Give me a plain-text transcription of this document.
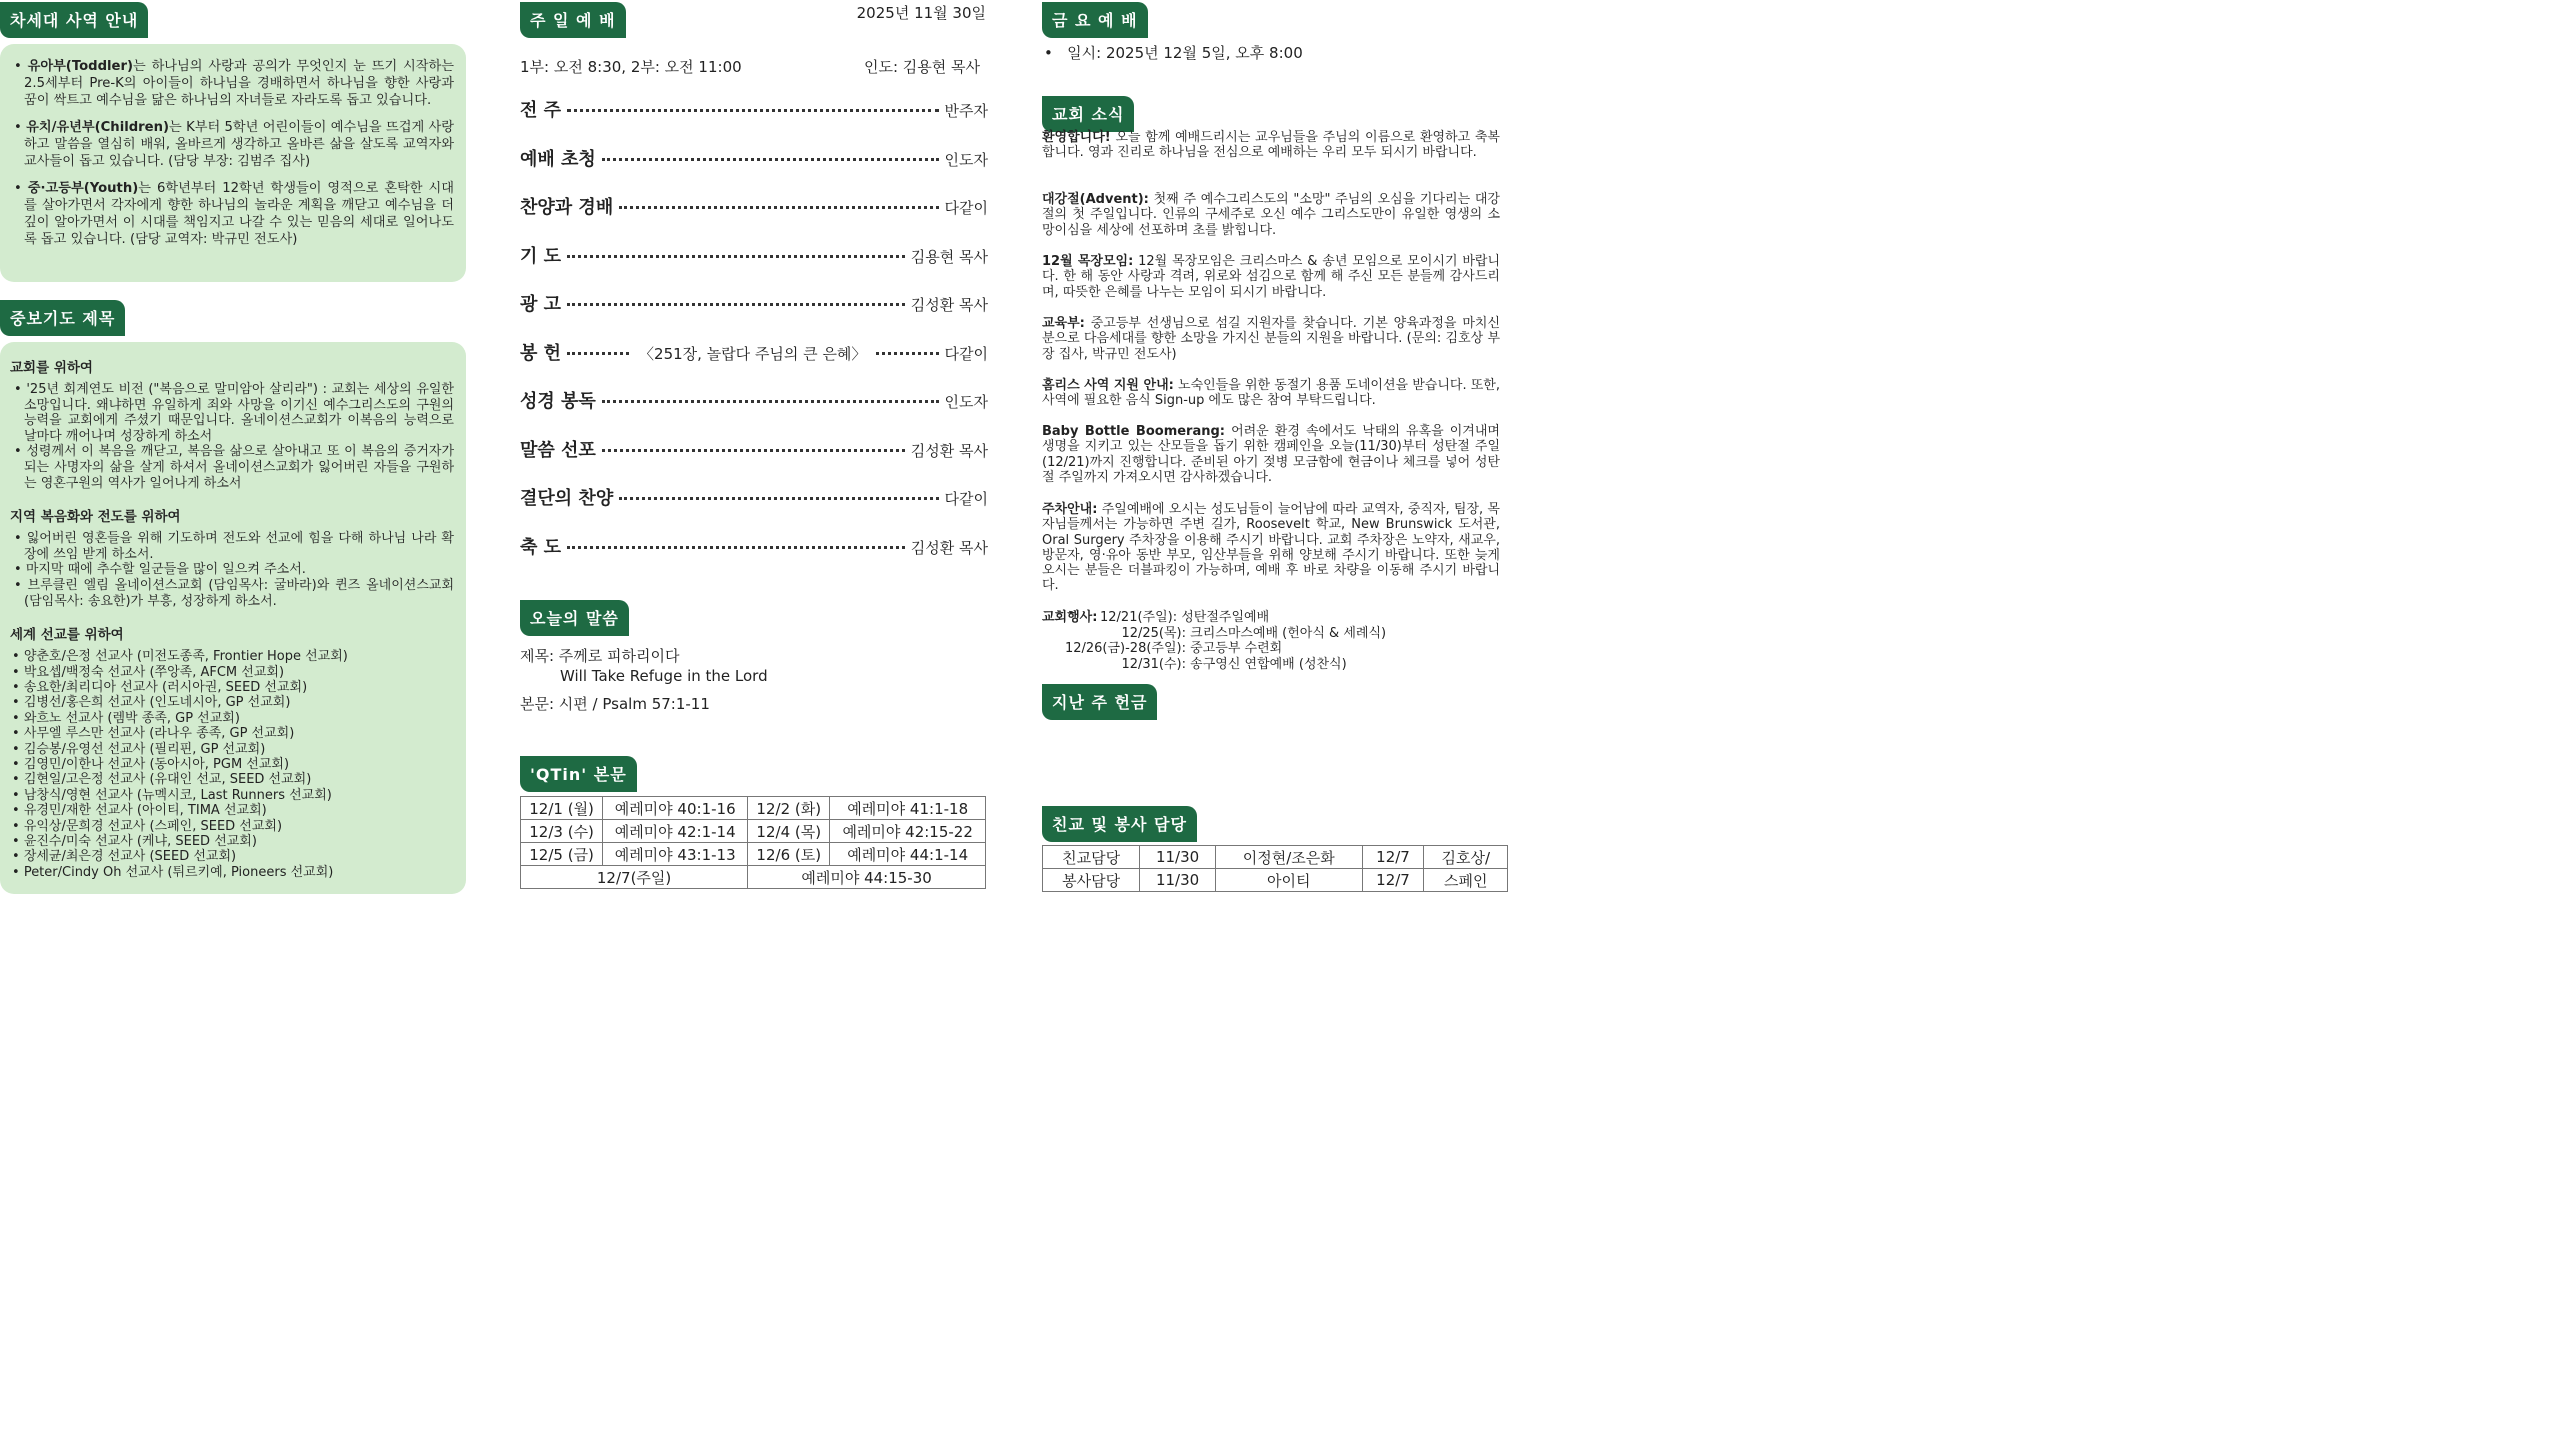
차세대 사역 안내
• 유아부(Toddler)는 하나님의 사랑과 공의가 무엇인지 눈 뜨기 시작하는 2.5세부터 Pre-K의 아이들이 하나님을 경배하면서 하나님을 향한 사랑과 꿈이 싹트고 예수님을 닮은 하나님의 자녀들로 자라도록 돕고 있습니다.
• 유치/유년부(Children)는 K부터 5학년 어린이들이 예수님을 뜨겁게 사랑하고 말씀을 열심히 배워, 올바르게 생각하고 올바른 삶을 살도록 교역자와 교사들이 돕고 있습니다. (담당 부장: 김범주 집사)
• 중·고등부(Youth)는 6학년부터 12학년 학생들이 영적으로 혼탁한 시대를 살아가면서 각자에게 향한 하나님의 놀라운 계획을 깨닫고 예수님을 더 깊이 알아가면서 이 시대를 책임지고 나갈 수 있는 믿음의 세대로 일어나도록 돕고 있습니다. (담당 교역자: 박규민 전도사)
중보기도 제목
교회를 위하여
• '25년 회계연도 비전 ("복음으로 말미암아 살리라") : 교회는 세상의 유일한 소망입니다. 왜냐하면 유일하게 죄와 사망을 이기신 예수그리스도의 구원의 능력을 교회에게 주셨기 때문입니다. 올네이션스교회가 이복음의 능력으로 날마다 깨어나며 성장하게 하소서
• 성령께서 이 복음을 깨닫고, 복음을 삶으로 살아내고 또 이 복음의 증거자가 되는 사명자의 삶을 살게 하셔서 올네이션스교회가 잃어버린 자들을 구원하는 영혼구원의 역사가 일어나게 하소서
지역 복음화와 전도를 위하여
• 잃어버린 영혼들을 위해 기도하며 전도와 선교에 힘을 다해 하나님 나라 확장에 쓰임 받게 하소서.
• 마지막 때에 추수할 일군들을 많이 일으켜 주소서.
• 브루클린 엘림 올네이션스교회 (담임목사: 굴바라)와 퀸즈 올네이션스교회 (담임목사: 송요한)가 부흥, 성장하게 하소서.
세계 선교를 위하여
• 양춘호/은정 선교사 (미전도종족, Frontier Hope 선교회)
• 박요셉/백정숙 선교사 (쭈앙족, AFCM 선교회)
• 송요한/최리디아 선교사 (러시아권, SEED 선교회)
• 김병선/홍은희 선교사 (인도네시아, GP 선교회)
• 와흐노 선교사 (렘박 종족, GP 선교회)
• 사무엘 루스만 선교사 (라나우 종족, GP 선교회)
• 김승봉/유영선 선교사 (필리핀, GP 선교회)
• 김영민/이한나 선교사 (동아시아, PGM 선교회)
• 김현일/고은정 선교사 (유대인 선교, SEED 선교회)
• 남창식/영현 선교사 (뉴멕시코, Last Runners 선교회)
• 유경민/재한 선교사 (아이티, TIMA 선교회)
• 유익상/문희경 선교사 (스페인, SEED 선교회)
• 윤진수/미숙 선교사 (케냐, SEED 선교회)
• 장세균/최은경 선교사 (SEED 선교회)
• Peter/Cindy Oh 선교사 (튀르키예, Pioneers 선교회)
주 일 예 배	2025년 11월 30일
1부: 오전 8:30, 2부: 오전 11:00	인도: 김용현 목사
전 주	반주자
예배 초청	인도자
찬양과 경배	다같이
기 도	김용현 목사
광 고	김성환 목사
봉 헌	〈251장, 놀랍다 주님의 큰 은혜〉	다같이
성경 봉독	인도자
말씀 선포	김성환 목사
결단의 찬양	다같이
축 도	김성환 목사
오늘의 말씀
제목: 주께로 피하리이다
Will Take Refuge in the Lord
본문: 시편 / Psalm 57:1-11
'QTin' 본문
12/1 (월)	예레미야 40:1-16	12/2 (화)	예레미야 41:1-18
12/3 (수)	예레미야 42:1-14	12/4 (목)	예레미야 42:15-22
12/5 (금)	예레미야 43:1-13	12/6 (토)	예레미야 44:1-14
12/7(주일)		예레미야 44:15-30	
금 요 예 배
•   일시: 2025년 12월 5일, 오후 8:00
교회 소식
환영합니다! 오늘 함께 예배드리시는 교우님들을 주님의 이름으로 환영하고 축복합니다. 영과 진리로 하나님을 전심으로 예배하는 우리 모두 되시기 바랍니다.
대강절(Advent): 첫째 주 예수그리스도의 "소망" 주님의 오심을 기다리는 대강절의 첫 주일입니다. 인류의 구세주로 오신 예수 그리스도만이 유일한 영생의 소망이심을 세상에 선포하며 초를 밝힙니다.
12월 목장모임: 12월 목장모임은 크리스마스 & 송년 모임으로 모이시기 바랍니다. 한 해 동안 사랑과 격려, 위로와 섬김으로 함께 해 주신 모든 분들께 감사드리며, 따뜻한 은혜를 나누는 모임이 되시기 바랍니다.
교육부: 중고등부 선생님으로 섬길 지원자를 찾습니다. 기본 양육과정을 마치신 분으로 다음세대를 향한 소망을 가지신 분들의 지원을 바랍니다. (문의: 김호상 부장 집사, 박규민 전도사)
홈리스 사역 지원 안내: 노숙인들을 위한 동절기 용품 도네이션을 받습니다. 또한, 사역에 필요한 음식 Sign-up 에도 많은 참여 부탁드립니다.
Baby Bottle Boomerang: 어려운 환경 속에서도 낙태의 유혹을 이겨내며 생명을 지키고 있는 산모들을 돕기 위한 캠페인을 오늘(11/30)부터 성탄절 주일(12/21)까지 진행합니다. 준비된 아기 젖병 모금함에 현금이나 체크를 넣어 성탄절 주일까지 가져오시면 감사하겠습니다.
주차안내: 주일예배에 오시는 성도님들이 늘어남에 따라 교역자, 중직자, 팀장, 목자님들께서는 가능하면 주변 길가, Roosevelt 학교, New Brunswick 도서관, Oral Surgery 주차장을 이용해 주시기 바랍니다. 교회 주차장은 노약자, 새교우, 방문자, 영·유아 동반 부모, 임산부들을 위해 양보해 주시기 바랍니다. 또한 늦게 오시는 분들은 더블파킹이 가능하며, 예배 후 바로 차량을 이동해 주시기 바랍니다.
교회행사: 12/21(주일): 성탄절주일예배
12/25(목): 크리스마스예배 (헌아식 & 세례식)
12/26(금)-28(주일): 중고등부 수련회
12/31(수): 송구영신 연합예배 (성찬식)
지난 주 헌금
친교 및 봉사 담당
친교담당	11/30	이정현/조은화	12/7	김호상/
봉사담당	11/30	아이티	12/7	스페인
